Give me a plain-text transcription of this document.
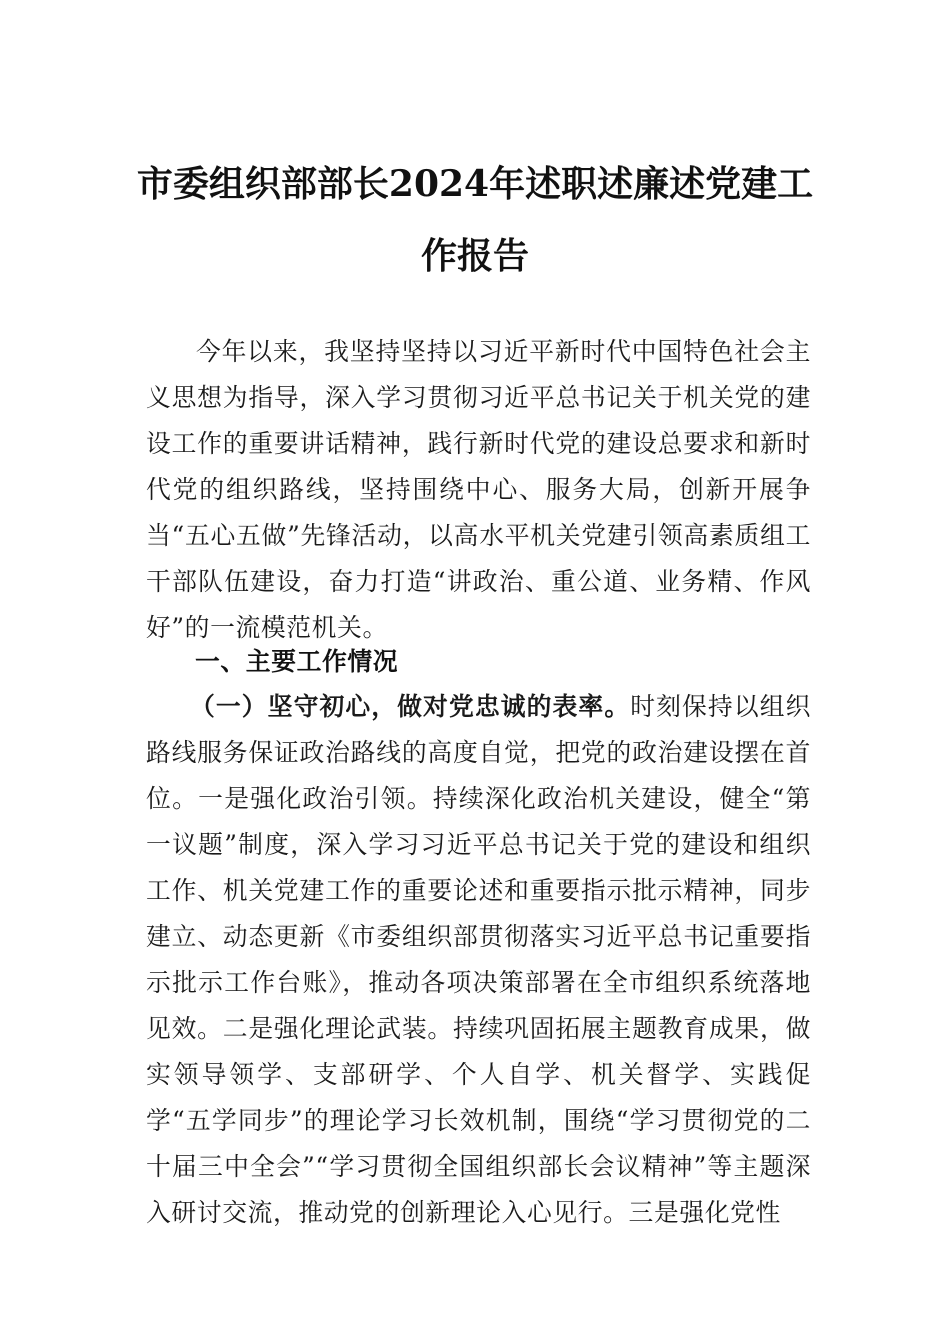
市委组织部部长2024年述职述廉述党建工
作报告
今年以来，我坚持坚持以习近平新时代中国特色社会主义思想为指导，深入学习贯彻习近平总书记关于机关党的建设工作的重要讲话精神，践行新时代党的建设总要求和新时代党的组织路线，坚持围绕中心、服务大局，创新开展争当“五心五做”先锋活动，以高水平机关党建引领高素质组工干部队伍建设，奋力打造“讲政治、重公道、业务精、作风好”的一流模范机关。
一、主要工作情况
（一）坚守初心，做对党忠诚的表率。时刻保持以组织路线服务保证政治路线的高度自觉，把党的政治建设摆在首位。一是强化政治引领。持续深化政治机关建设，健全“第一议题”制度，深入学习习近平总书记关于党的建设和组织工作、机关党建工作的重要论述和重要指示批示精神，同步建立、动态更新《市委组织部贯彻落实习近平总书记重要指示批示工作台账》，推动各项决策部署在全市组织系统落地见效。二是强化理论武装。持续巩固拓展主题教育成果，做实领导领学、支部研学、个人自学、机关督学、实践促学“五学同步”的理论学习长效机制，围绕“学习贯彻党的二十届三中全会”“学习贯彻全国组织部长会议精神”等主题深入研讨交流，推动党的创新理论入心见行。三是强化党性
